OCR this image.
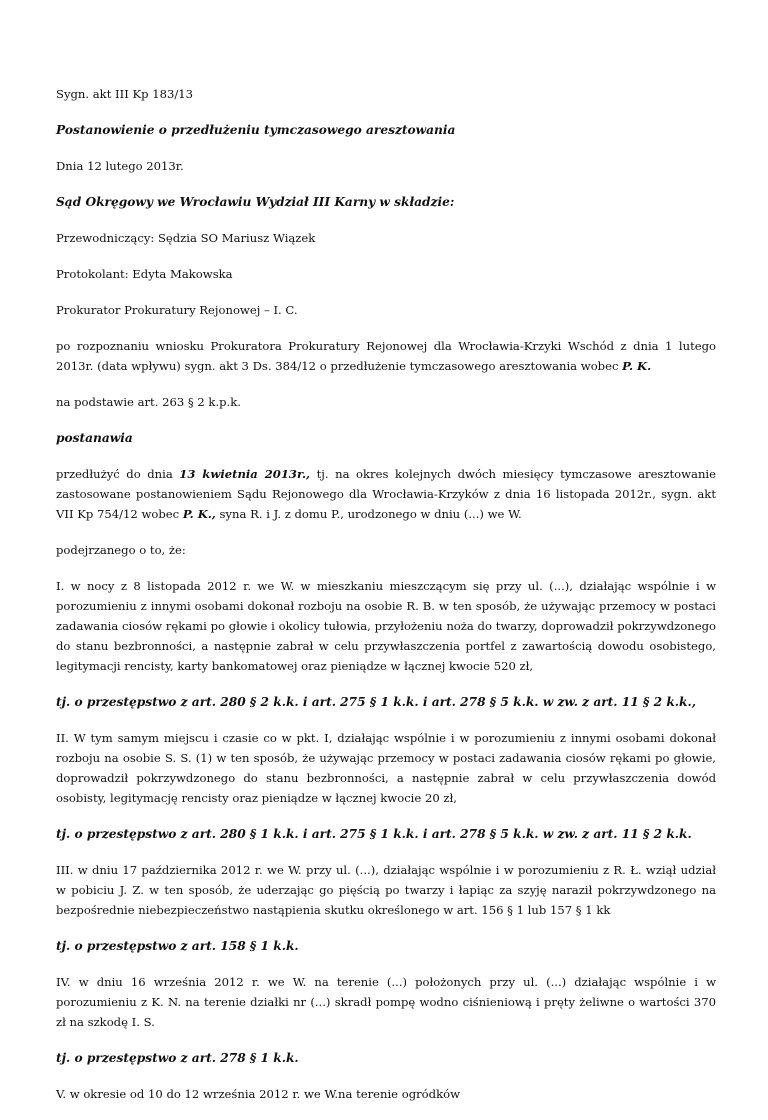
Sygn. akt III Kp 183/13

Postanowienie o przedłużeniu tymczasowego aresztowania

Dnia 12 lutego 2013r.

Sąd Okręgowy we Wrocławiu Wydział III Karny w składzie:

Przewodniczący: Sędzia SO Mariusz Wiązek

Protokolant: Edyta Makowska

Prokurator Prokuratury Rejonowej – I. C.

po rozpoznaniu wniosku Prokuratora Prokuratury Rejonowej dla Wrocławia-Krzyki Wschód z dnia 1 lutego 2013r. (data wpływu) sygn. akt 3 Ds. 384/12 o przedłużenie tymczasowego aresztowania wobec P. K.

na podstawie art. 263 § 2 k.p.k.

postanawia

przedłużyć do dnia 13 kwietnia 2013r., tj. na okres kolejnych dwóch miesięcy tymczasowe aresztowanie zastosowane postanowieniem Sądu Rejonowego dla Wrocławia-Krzyków z dnia 16 listopada 2012r., sygn. akt VII Kp 754/12 wobec P. K., syna R. i J. z domu P., urodzonego w dniu (...) we W.

podejrzanego o to, że:

I. w nocy z 8 listopada 2012 r. we W. w mieszkaniu mieszczącym się przy ul. (...), działając wspólnie i w porozumieniu z innymi osobami dokonał rozboju na osobie R. B. w ten sposób, że używając przemocy w postaci zadawania ciosów rękami po głowie i okolicy tułowia, przyłożeniu noża do twarzy, doprowadził pokrzywdzonego do stanu bezbronności, a następnie zabrał w celu przywłaszczenia portfel z zawartością dowodu osobistego, legitymacji rencisty, karty bankomatowej oraz pieniądze w łącznej kwocie 520 zł,

tj. o przestępstwo z art. 280 § 2 k.k. i art. 275 § 1 k.k. i art. 278 § 5 k.k. w zw. z art. 11 § 2 k.k.,

II. W tym samym miejscu i czasie co w pkt. I, działając wspólnie i w porozumieniu z innymi osobami dokonał rozboju na osobie S. S. (1) w ten sposób, że używając przemocy w postaci zadawania ciosów rękami po głowie, doprowadził pokrzywdzonego do stanu bezbronności, a następnie zabrał w celu przywłaszczenia dowód osobisty, legitymację rencisty oraz pieniądze w łącznej kwocie 20 zł,

tj. o przestępstwo z art. 280 § 1 k.k. i art. 275 § 1 k.k. i art. 278 § 5 k.k. w zw. z art. 11 § 2 k.k.

III. w dniu 17 października 2012 r. we W. przy ul. (...), działając wspólnie i w porozumieniu z R. Ł. wziął udział w pobiciu J. Z. w ten sposób, że uderzając go pięścią po twarzy i łapiąc za szyję naraził pokrzywdzonego na bezpośrednie niebezpieczeństwo nastąpienia skutku określonego w art. 156 § 1 lub 157 § 1 kk

tj. o przestępstwo z art. 158 § 1 k.k.

IV. w dniu 16 września 2012 r. we W. na terenie (...) położonych przy ul. (...) działając wspólnie i w porozumieniu z K. N. na terenie działki nr (...) skradł pompę wodno ciśnieniową i pręty żeliwne o wartości 370 zł na szkodę I. S.

tj. o przestępstwo z art. 278 § 1 k.k.

V. w okresie od 10 do 12 września 2012 r. we W.na terenie ogródków
